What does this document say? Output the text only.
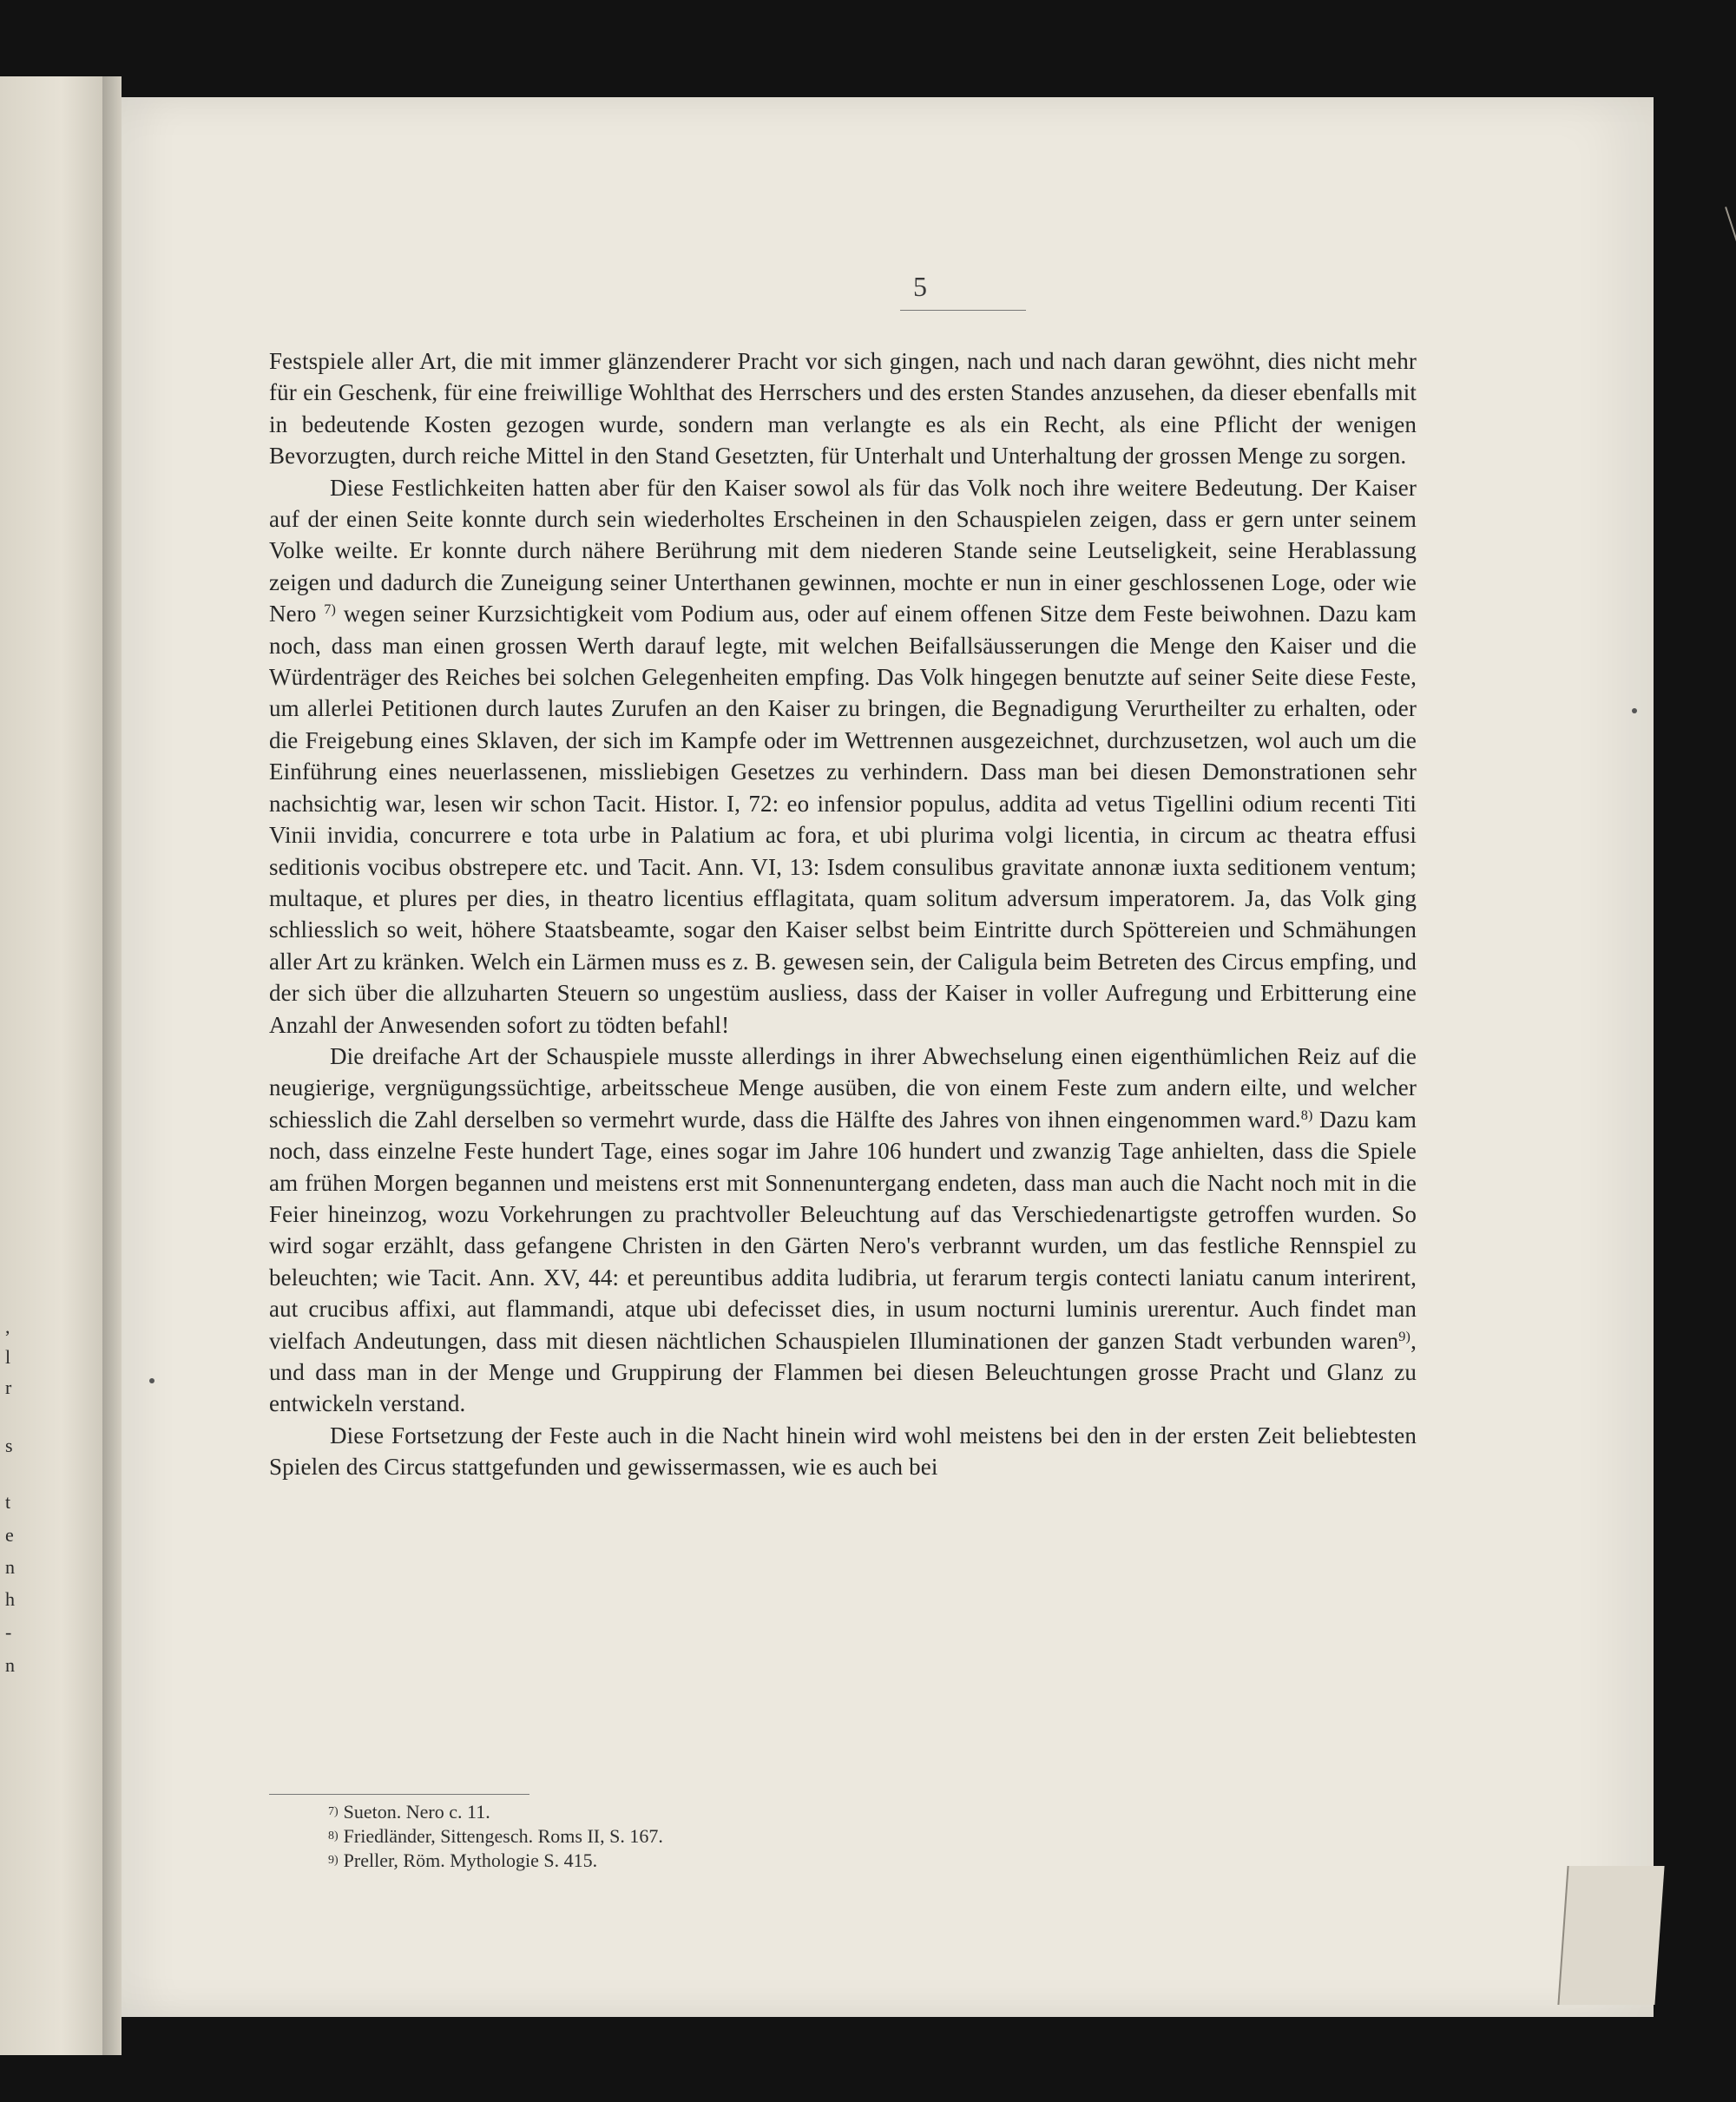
,
l
r
s
t
e
n
h
-
n
5

Festspiele aller Art, die mit immer glänzenderer Pracht vor sich gingen, nach und nach daran gewöhnt, dies nicht mehr für ein Geschenk, für eine freiwillige Wohlthat des Herrschers und des ersten Standes anzusehen, da dieser ebenfalls mit in bedeutende Kosten gezogen wurde, sondern man verlangte es als ein Recht, als eine Pflicht der wenigen Bevorzugten, durch reiche Mittel in den Stand Gesetzten, für Unterhalt und Unterhaltung der grossen Menge zu sorgen.

Diese Festlichkeiten hatten aber für den Kaiser sowol als für das Volk noch ihre weitere Bedeutung. Der Kaiser auf der einen Seite konnte durch sein wiederholtes Erscheinen in den Schauspielen zeigen, dass er gern unter seinem Volke weilte. Er konnte durch nähere Berührung mit dem niederen Stande seine Leutseligkeit, seine Herablassung zeigen und dadurch die Zuneigung seiner Unterthanen gewinnen, mochte er nun in einer geschlossenen Loge, oder wie Nero $^{7)}$ wegen seiner Kurzsichtigkeit vom Podium aus, oder auf einem offenen Sitze dem Feste beiwohnen. Dazu kam noch, dass man einen grossen Werth darauf legte, mit welchen Beifallsäusserungen die Menge den Kaiser und die Würdenträger des Reiches bei solchen Gelegenheiten empfing. Das Volk hingegen benutzte auf seiner Seite diese Feste, um allerlei Petitionen durch lautes Zurufen an den Kaiser zu bringen, die Begnadigung Verurtheilter zu erhalten, oder die Freigebung eines Sklaven, der sich im Kampfe oder im Wettrennen ausgezeichnet, durchzusetzen, wol auch um die Einführung eines neuerlassenen, missliebigen Gesetzes zu verhindern. Dass man bei diesen Demonstrationen sehr nachsichtig war, lesen wir schon Tacit. Histor. I, 72: eo infensior populus, addita ad vetus Tigellini odium recenti Titi Vinii invidia, concurrere e tota urbe in Palatium ac fora, et ubi plurima volgi licentia, in circum ac theatra effusi seditionis vocibus obstrepere etc. und Tacit. Ann. VI, 13: Isdem consulibus gravitate annonæ iuxta seditionem ventum; multaque, et plures per dies, in theatro licentius efflagitata, quam solitum adversum imperatorem. Ja, das Volk ging schliesslich so weit, höhere Staatsbeamte, sogar den Kaiser selbst beim Eintritte durch Spöttereien und Schmähungen aller Art zu kränken. Welch ein Lärmen muss es z. B. gewesen sein, der Caligula beim Betreten des Circus empfing, und der sich über die allzuharten Steuern so ungestüm ausliess, dass der Kaiser in voller Aufregung und Erbitterung eine Anzahl der Anwesenden sofort zu tödten befahl!

Die dreifache Art der Schauspiele musste allerdings in ihrer Abwechselung einen eigenthümlichen Reiz auf die neugierige, vergnügungssüchtige, arbeitsscheue Menge ausüben, die von einem Feste zum andern eilte, und welcher schiesslich die Zahl derselben so vermehrt wurde, dass die Hälfte des Jahres von ihnen eingenommen ward.$^{8)}$ Dazu kam noch, dass einzelne Feste hundert Tage, eines sogar im Jahre 106 hundert und zwanzig Tage anhielten, dass die Spiele am frühen Morgen begannen und meistens erst mit Sonnenuntergang endeten, dass man auch die Nacht noch mit in die Feier hineinzog, wozu Vorkehrungen zu prachtvoller Beleuchtung auf das Verschiedenartigste getroffen wurden. So wird sogar erzählt, dass gefangene Christen in den Gärten Nero's verbrannt wurden, um das festliche Rennspiel zu beleuchten; wie Tacit. Ann. XV, 44: et pereuntibus addita ludibria, ut ferarum tergis contecti laniatu canum interirent, aut crucibus affixi, aut flammandi, atque ubi defecisset dies, in usum nocturni luminis urerentur. Auch findet man vielfach Andeutungen, dass mit diesen nächtlichen Schauspielen Illuminationen der ganzen Stadt verbunden waren$^{9)}$, und dass man in der Menge und Gruppirung der Flammen bei diesen Beleuchtungen grosse Pracht und Glanz zu entwickeln verstand.

Diese Fortsetzung der Feste auch in die Nacht hinein wird wohl meistens bei den in der ersten Zeit beliebtesten Spielen des Circus stattgefunden und gewissermassen, wie es auch bei

$^{7)}$ Sueton. Nero c. 11.

$^{8)}$ Friedländer, Sittengesch. Roms II, S. 167.

$^{9)}$ Preller, Röm. Mythologie S. 415.
